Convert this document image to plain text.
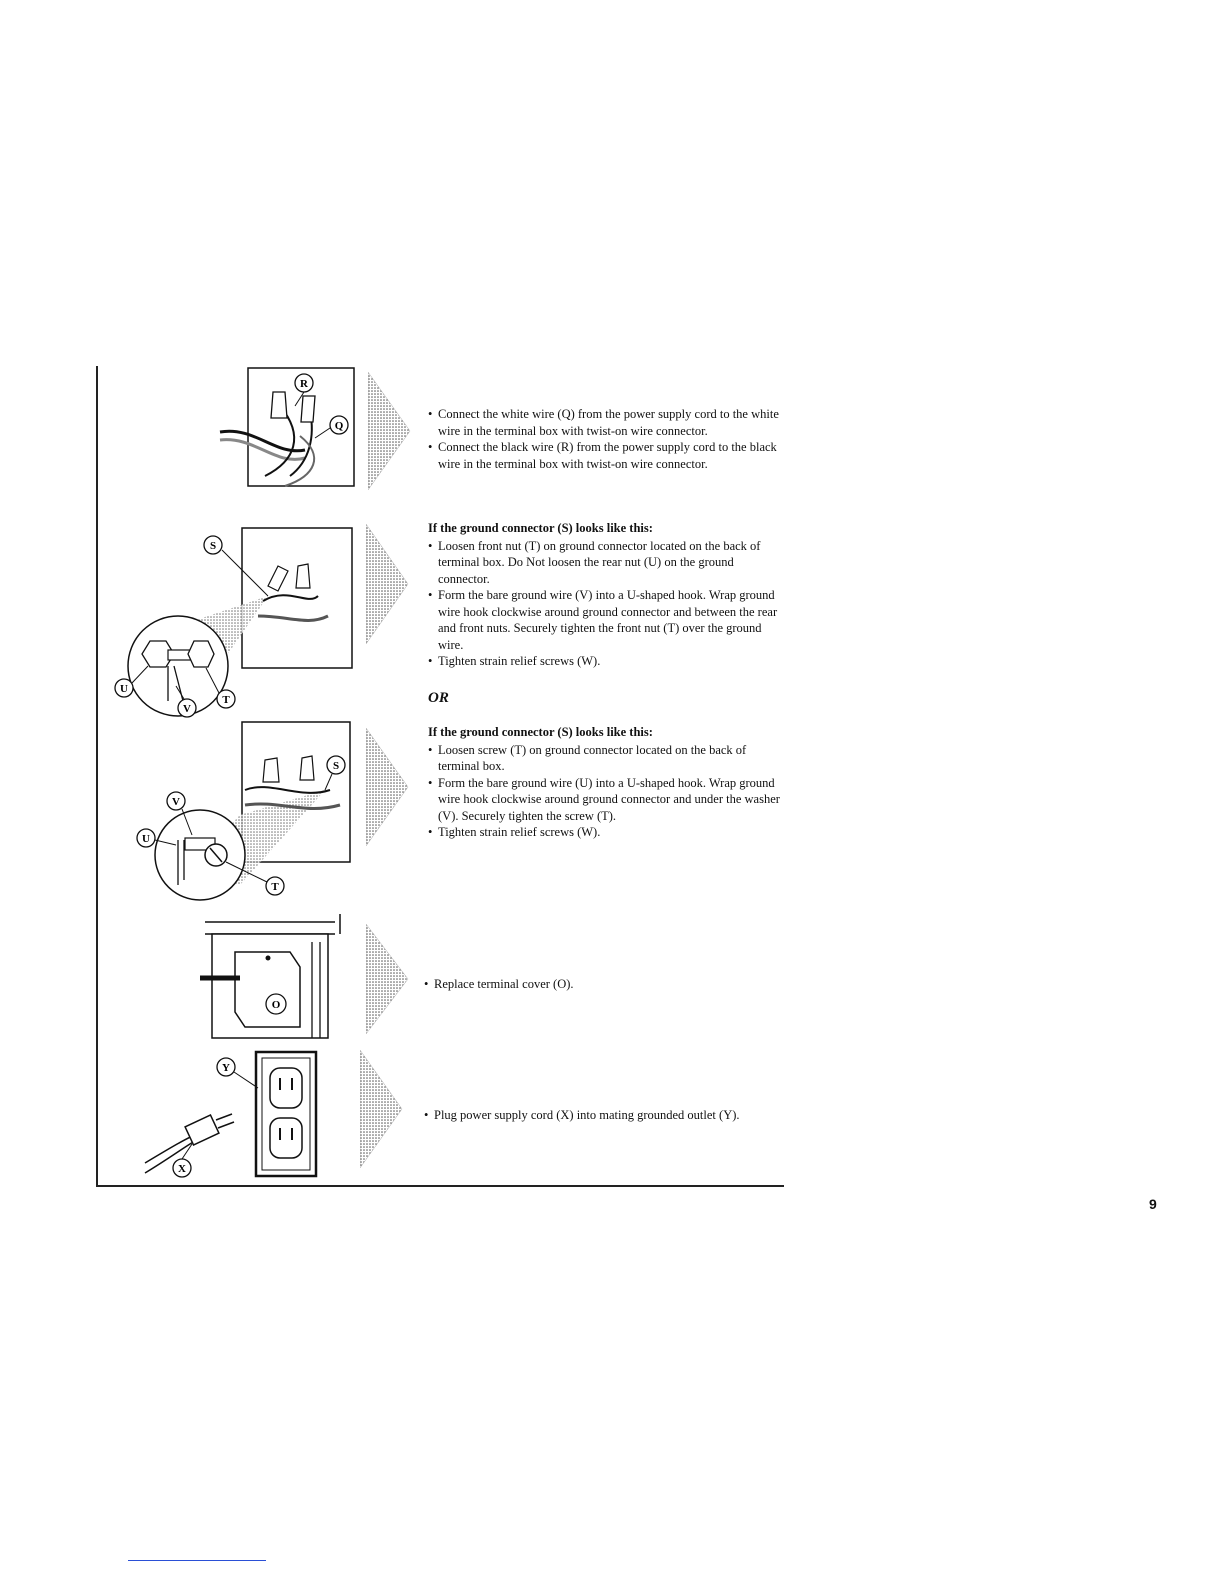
R
Q
• Connect the white wire (Q) from the power supply cord to the white wire in the terminal box with twist-on wire connector.
• Connect the black wire (R) from the power supply cord to the black wire in the terminal box with twist-on wire connector.
S
U
V
T
If the ground connector (S) looks like this:
• Loosen front nut (T) on ground connector located on the back of terminal box. Do Not loosen the rear nut (U) on the ground connector.
• Form the bare ground wire (V) into a U-shaped hook. Wrap ground wire hook clockwise around ground connector and between the rear and front nuts. Securely tighten the front nut (T) over the ground wire.
• Tighten strain relief screws (W).
OR
V
U
S
T
If the ground connector (S) looks like this:
• Loosen screw (T) on ground connector located on the back of terminal box.
• Form the bare ground wire (U) into a U-shaped hook. Wrap ground wire hook clockwise around ground connector and under the washer (V). Securely tighten the screw (T).
• Tighten strain relief screws (W).
O
• Replace terminal cover (O).
Y
X
• Plug power supply cord (X) into mating grounded outlet (Y).
9
